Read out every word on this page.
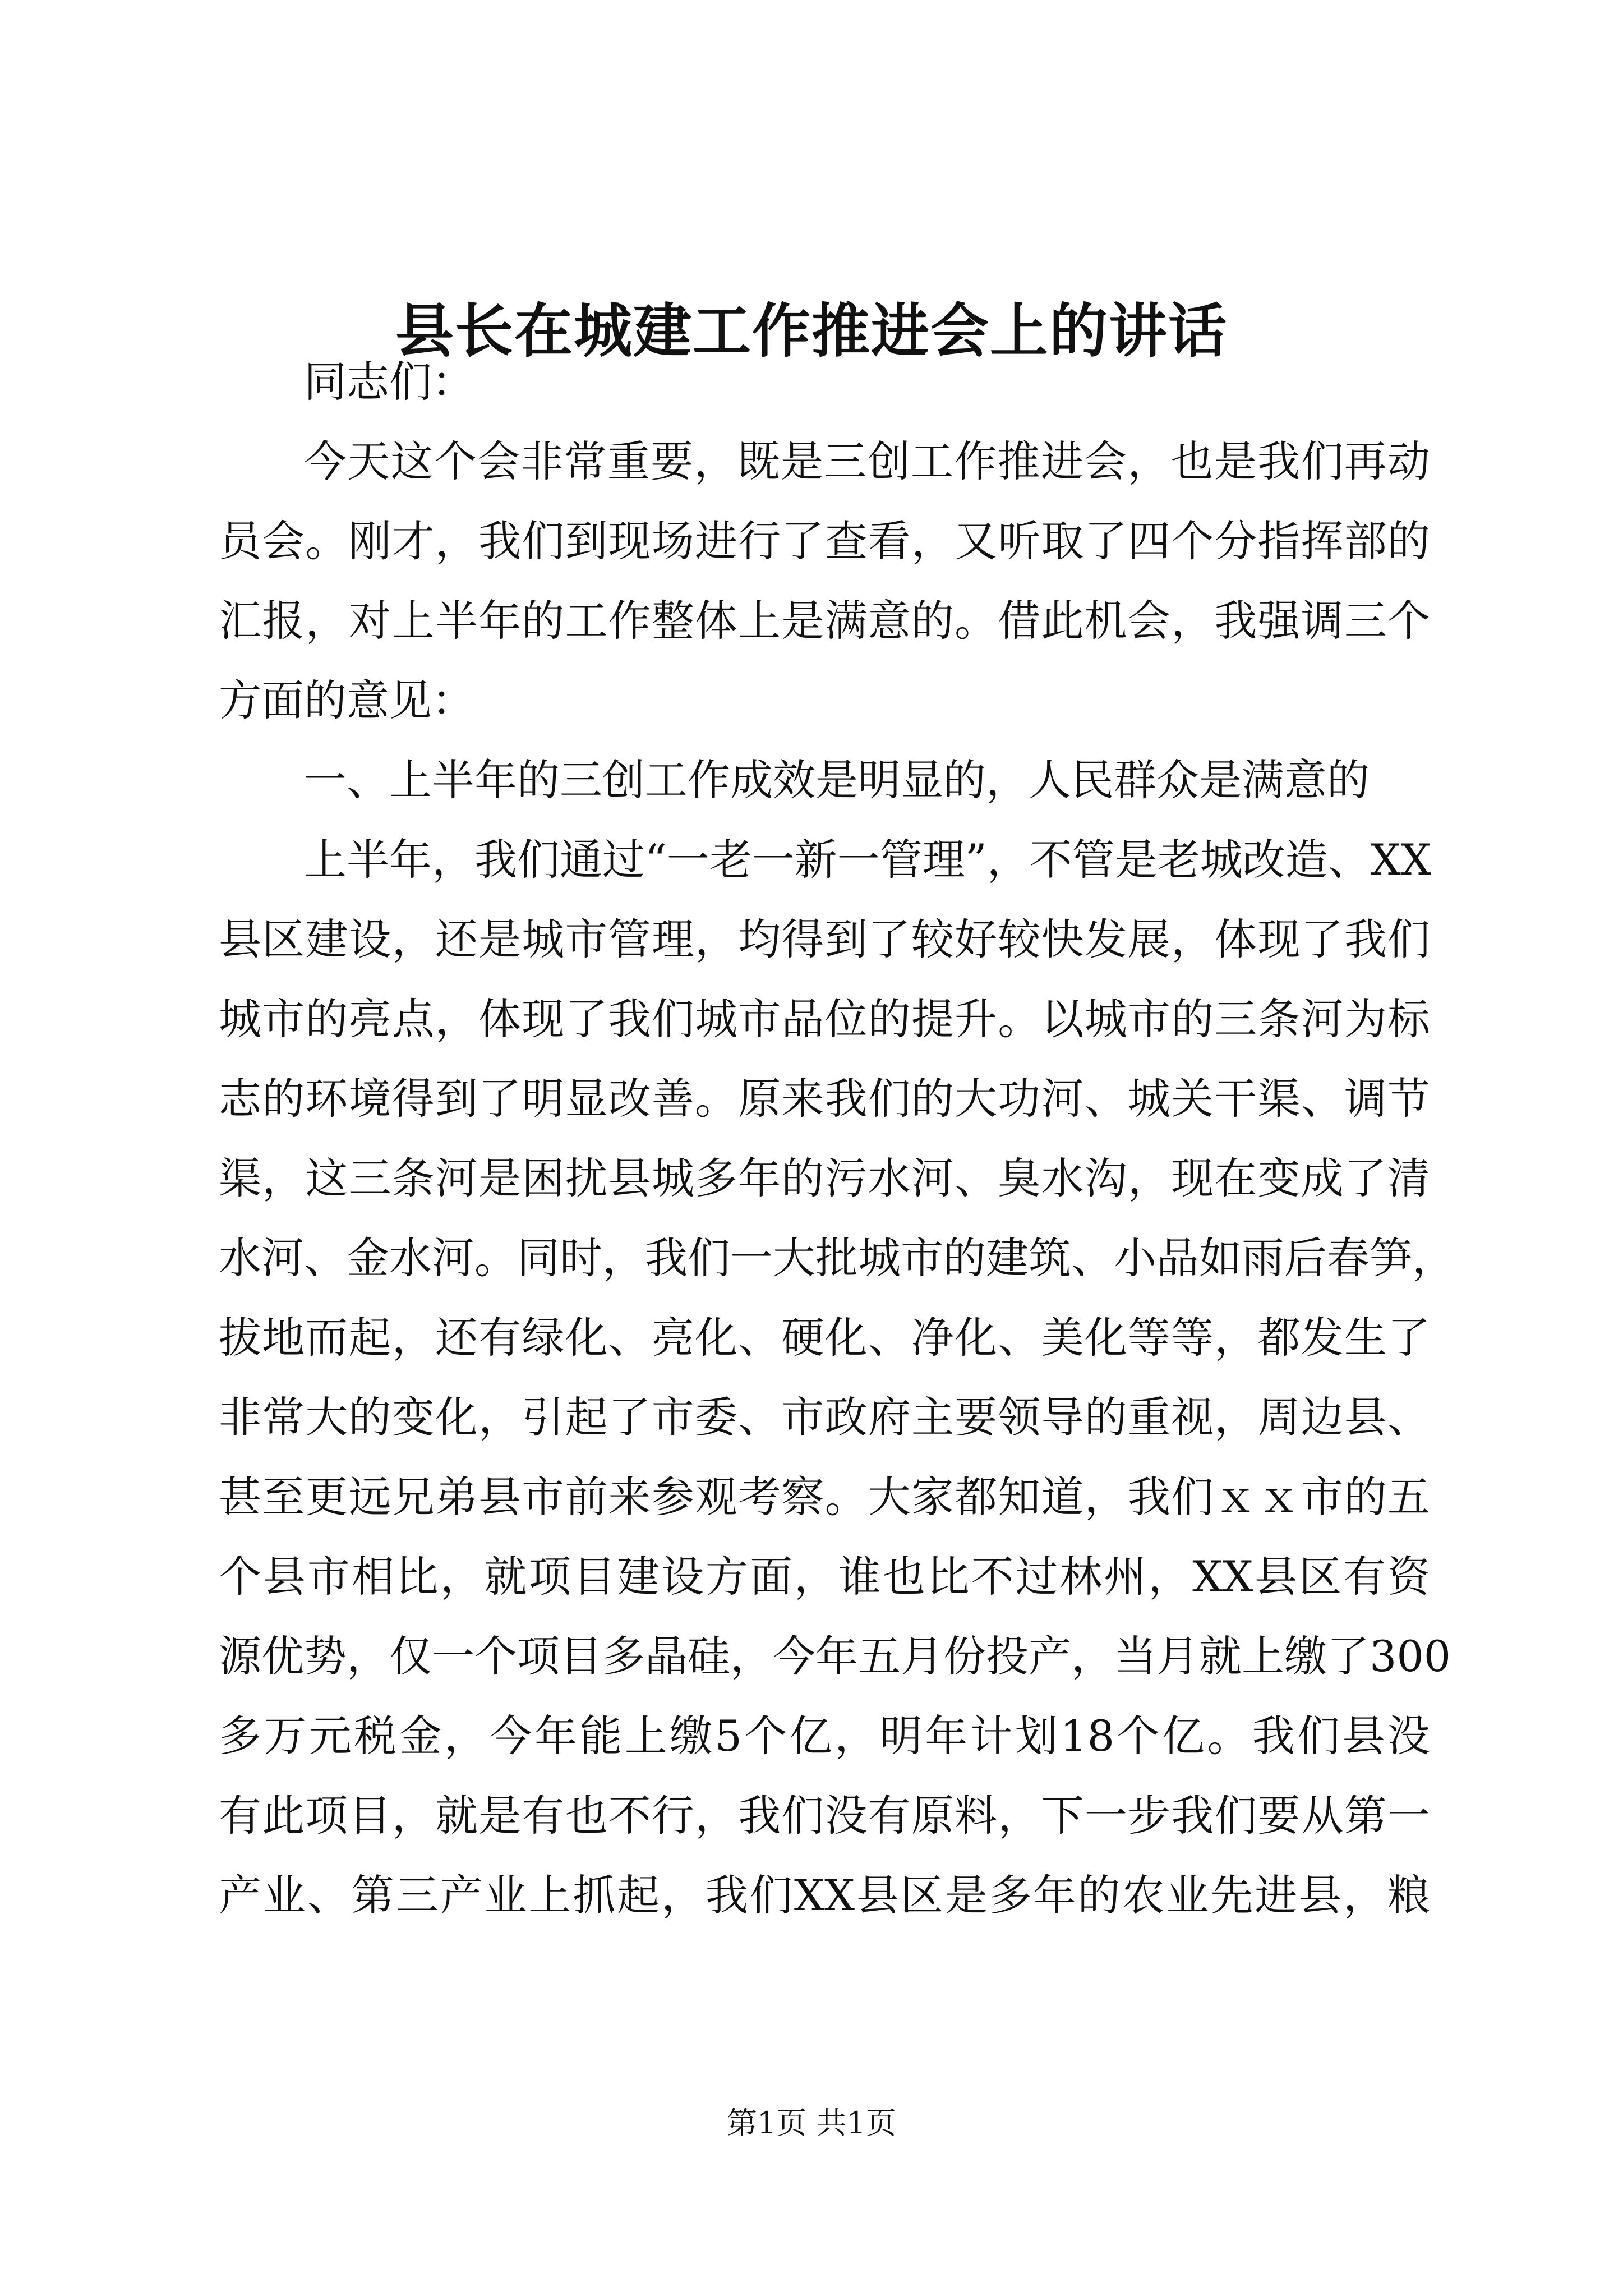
县长在城建工作推进会上的讲话
同志们：
今天这个会非常重要，既是三创工作推进会，也是我们再动
员会。刚才，我们到现场进行了查看，又听取了四个分指挥部的
汇报，对上半年的工作整体上是满意的。借此机会，我强调三个
方面的意见：
一、上半年的三创工作成效是明显的，人民群众是满意的
上半年，我们通过“一老一新一管理”，不管是老城改造、XX
县区建设，还是城市管理，均得到了较好较快发展，体现了我们
城市的亮点，体现了我们城市品位的提升。以城市的三条河为标
志的环境得到了明显改善。原来我们的大功河、城关干渠、调节
渠，这三条河是困扰县城多年的污水河、臭水沟，现在变成了清
水河、金水河。同时，我们一大批城市的建筑、小品如雨后春笋，
拔地而起，还有绿化、亮化、硬化、净化、美化等等，都发生了
非常大的变化，引起了市委、市政府主要领导的重视，周边县、
甚至更远兄弟县市前来参观考察。大家都知道，我们ｘｘ市的五
个县市相比，就项目建设方面，谁也比不过林州，XX县区有资
源优势，仅一个项目多晶硅，今年五月份投产，当月就上缴了300
多万元税金，今年能上缴5个亿，明年计划18个亿。我们县没
有此项目，就是有也不行，我们没有原料，下一步我们要从第一
产业、第三产业上抓起，我们XX县区是多年的农业先进县，粮
第1页 共1页
